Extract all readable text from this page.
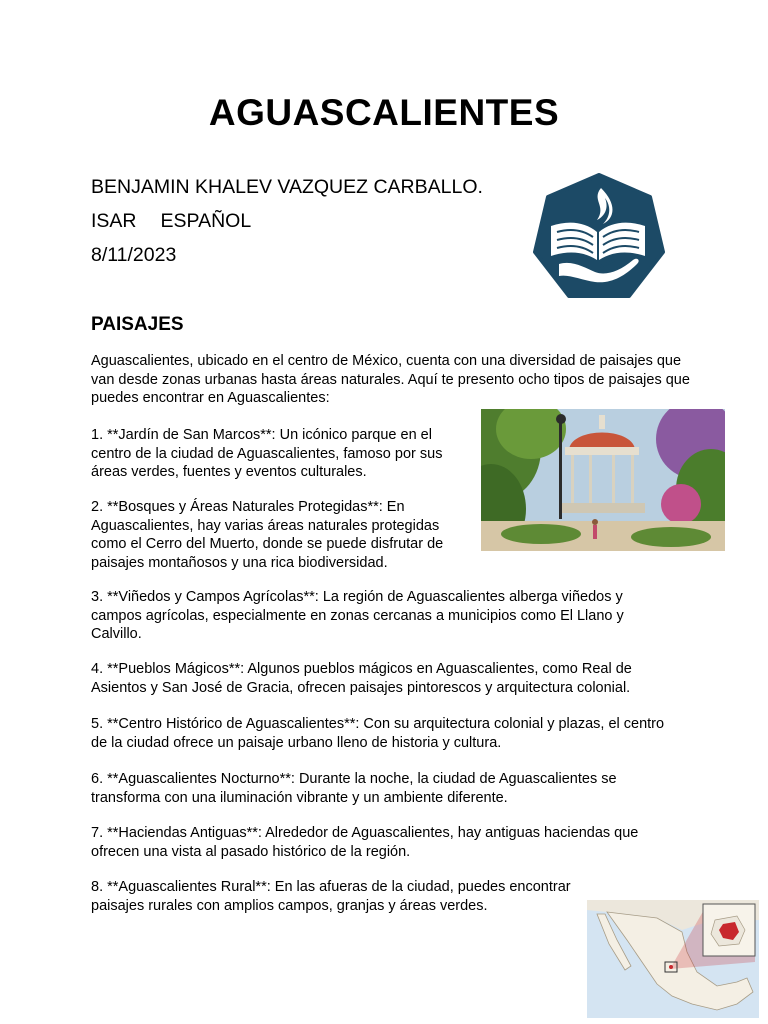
AGUASCALIENTES
BENJAMIN KHALEV VAZQUEZ CARBALLO.
ISAR ESPAÑOL
8/11/2023
PAISAJES
Aguascalientes, ubicado en el centro de México, cuenta con una diversidad de paisajes que van desde zonas urbanas hasta áreas naturales. Aquí te presento ocho tipos de paisajes que puedes encontrar en Aguascalientes:
1. **Jardín de San Marcos**: Un icónico parque en el centro de la ciudad de Aguascalientes, famoso por sus áreas verdes, fuentes y eventos culturales.
2. **Bosques y Áreas Naturales Protegidas**: En Aguascalientes, hay varias áreas naturales protegidas como el Cerro del Muerto, donde se puede disfrutar de paisajes montañosos y una rica biodiversidad.
3. **Viñedos y Campos Agrícolas**: La región de Aguascalientes alberga viñedos y campos agrícolas, especialmente en zonas cercanas a municipios como El Llano y Calvillo.
4. **Pueblos Mágicos**: Algunos pueblos mágicos en Aguascalientes, como Real de Asientos y San José de Gracia, ofrecen paisajes pintorescos y arquitectura colonial.
5. **Centro Histórico de Aguascalientes**: Con su arquitectura colonial y plazas, el centro de la ciudad ofrece un paisaje urbano lleno de historia y cultura.
6. **Aguascalientes Nocturno**: Durante la noche, la ciudad de Aguascalientes se transforma con una iluminación vibrante y un ambiente diferente.
7. **Haciendas Antiguas**: Alrededor de Aguascalientes, hay antiguas haciendas que ofrecen una vista al pasado histórico de la región.
8. **Aguascalientes Rural**: En las afueras de la ciudad, puedes encontrar paisajes rurales con amplios campos, granjas y áreas verdes.
